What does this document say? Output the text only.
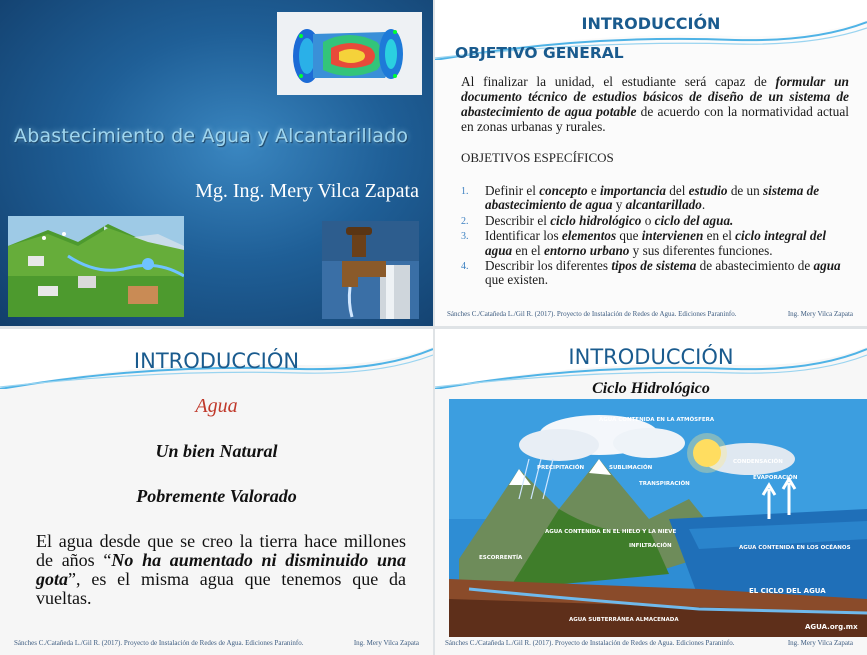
Abastecimiento de Agua y Alcantarillado
Mg. Ing. Mery Vilca Zapata
INTRODUCCIÓN
OBJETIVO GENERAL
Al finalizar la unidad, el estudiante será capaz de formular un documento técnico de estudios básicos de diseño de un sistema de abastecimiento de agua potable de acuerdo con la normatividad actual en zonas urbanas y rurales.
OBJETIVOS ESPECÍFICOS
1. Definir el concepto e importancia del estudio de un sistema de abastecimiento de agua y alcantarillado.
2. Describir el ciclo hidrológico o ciclo del agua.
3. Identificar los elementos que intervienen en el ciclo integral del agua en el entorno urbano y sus diferentes funciones.
4. Describir los diferentes tipos de sistema de abastecimiento de agua que existen.
Sánches C./Catañeda L./Gil R. (2017). Proyecto de Instalación de Redes de Agua. Ediciones Paraninfo.	Ing. Mery Vilca Zapata
INTRODUCCIÓN
Agua
Un bien Natural
Pobremente Valorado
El agua desde que se creo la tierra hace millones de años “No ha aumentado ni disminuido una gota”, es el misma agua que tenemos que da vueltas.
Sánches C./Catañeda L./Gil R. (2017). Proyecto de Instalación de Redes de Agua. Ediciones Paraninfo.	Ing. Mery Vilca Zapata
INTRODUCCIÓN
Ciclo Hidrológico
AGUA CONTENIDA EN LA ATMÓSFERA
PRECIPITACIÓN	SUBLIMACIÓN
CONDENSACIÓN
TRANSPIRACIÓN
EVAPORACIÓN
AGUA CONTENIDA EN EL HIELO Y LA NIEVE
INFILTRACIÓN
ESCORRENTÍA
AGUA CONTENIDA EN LOS OCÉANOS
AGUA SUBTERRÁNEA ALMACENADA
EL CICLO DEL AGUA
AGUA.org.mx
Sánches C./Catañeda L./Gil R. (2017). Proyecto de Instalación de Redes de Agua. Ediciones Paraninfo.	Ing. Mery Vilca Zapata
